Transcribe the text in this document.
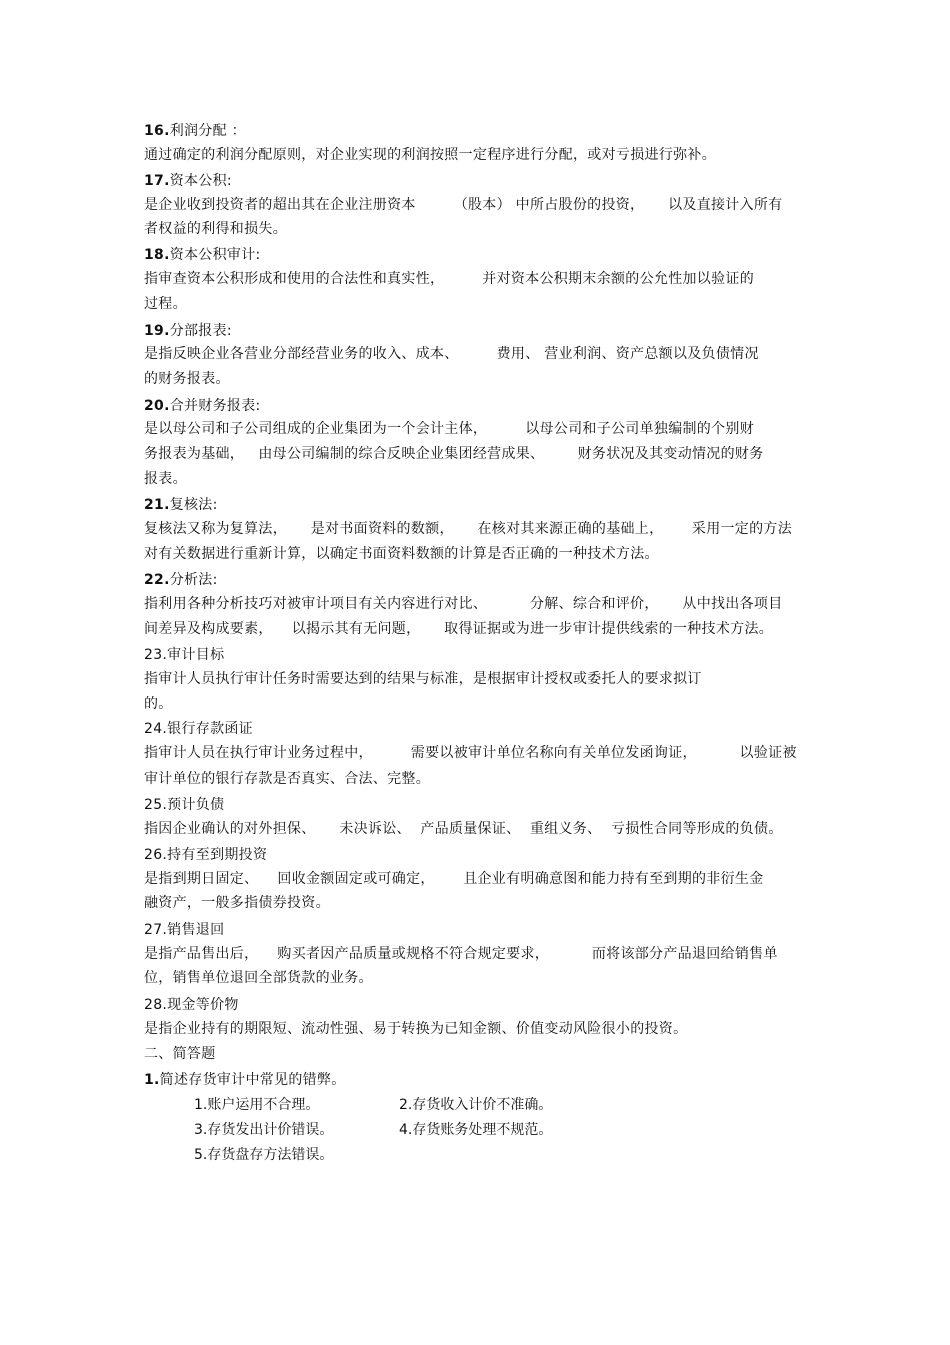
16.利润分配 ：
通过确定的利润分配原则，对企业实现的利润按照一定程序进行分配，或对亏损进行弥补。
17.资本公积:
是企业收到投资者的超出其在企业注册资本        （股本） 中所占股份的投资，     以及直接计入所有
者权益的利得和损失。
18.资本公积审计:
指审查资本公积形成和使用的合法性和真实性，        并对资本公积期末余额的公允性加以验证的
过程。
19.分部报表:
是指反映企业各营业分部经营业务的收入、成本、        费用、 营业利润、资产总额以及负债情况
的财务报表。
20.合并财务报表:
是以母公司和子公司组成的企业集团为一个会计主体，        以母公司和子公司单独编制的个别财
务报表为基础，   由母公司编制的综合反映企业集团经营成果、       财务状况及其变动情况的财务
报表。
21.复核法:
复核法又称为复算法，     是对书面资料的数额，     在核对其来源正确的基础上，      采用一定的方法
对有关数据进行重新计算，以确定书面资料数额的计算是否正确的一种技术方法。
22.分析法:
指利用各种分析技巧对被审计项目有关内容进行对比、         分解、综合和评价，     从中找出各项目
间差异及构成要素，    以揭示其有无问题，     取得证据或为进一步审计提供线索的一种技术方法。
23.审计目标
指审计人员执行审计任务时需要达到的结果与标准，是根据审计授权或委托人的要求拟订
的。
24.银行存款函证
指审计人员在执行审计业务过程中，        需要以被审计单位名称向有关单位发函询证，         以验证被
审计单位的银行存款是否真实、合法、完整。
25.预计负债
指因企业确认的对外担保、     未决诉讼、  产品质量保证、  重组义务、  亏损性合同等形成的负债。
26.持有至到期投资
是指到期日固定、    回收金额固定或可确定，      且企业有明确意图和能力持有至到期的非衍生金
融资产，一般多指债券投资。
27.销售退回
是指产品售出后，    购买者因产品质量或规格不符合规定要求，         而将该部分产品退回给销售单
位，销售单位退回全部货款的业务。
28.现金等价物
是指企业持有的期限短、流动性强、易于转换为已知金额、价值变动风险很小的投资。
二、简答题
1.简述存货审计中常见的错弊。
1.账户运用不合理。	2.存货收入计价不准确。
3.存货发出计价错误。	4.存货账务处理不规范。
5.存货盘存方法错误。
